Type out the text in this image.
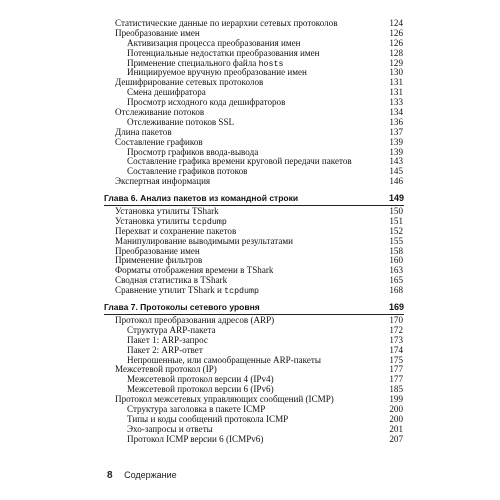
Статистические данные по иерархии сетевых протоколов	124
Преобразование имен	126
Активизация процесса преобразования имен	126
Потенциальные недостатки преобразования имен	128
Применение специального файла hosts	129
Инициируемое вручную преобразование имен	130
Дешифрирование сетевых протоколов	131
Смена дешифратора	131
Просмотр исходного кода дешифраторов	133
Отслеживание потоков	134
Отслеживание потоков SSL	136
Длина пакетов	137
Составление графиков	139
Просмотр графиков ввода-вывода	139
Составление графика времени круговой передачи пакетов	143
Составление графиков потоков	145
Экспертная информация	146
Глава 6. Анализ пакетов из командной строки	149
Установка утилиты TShark	150
Установка утилиты tcpdump	151
Перехват и сохранение пакетов	152
Манипулирование выводимыми результатами	155
Преобразование имен	158
Применение фильтров	160
Форматы отображения времени в TShark	163
Сводная статистика в TShark	165
Сравнение утилит TShark и tcpdump	168
Глава 7. Протоколы сетевого уровня	169
Протокол преобразования адресов (ARP)	170
Структура ARP-пакета	172
Пакет 1: ARP-запрос	173
Пакет 2: ARP-ответ	174
Непрошенные, или самообращенные ARP-пакеты	175
Межсетевой протокол (IP)	177
Межсетевой протокол версии 4 (IPv4)	177
Межсетевой протокол версии 6 (IPv6)	185
Протокол межсетевых управляющих сообщений (ICMP)	199
Структура заголовка в пакете ICMP	200
Типы и коды сообщений протокола ICMP	200
Эхо-запросы и ответы	201
Протокол ICMP версии 6 (ICMPv6)	207
8 Содержание
